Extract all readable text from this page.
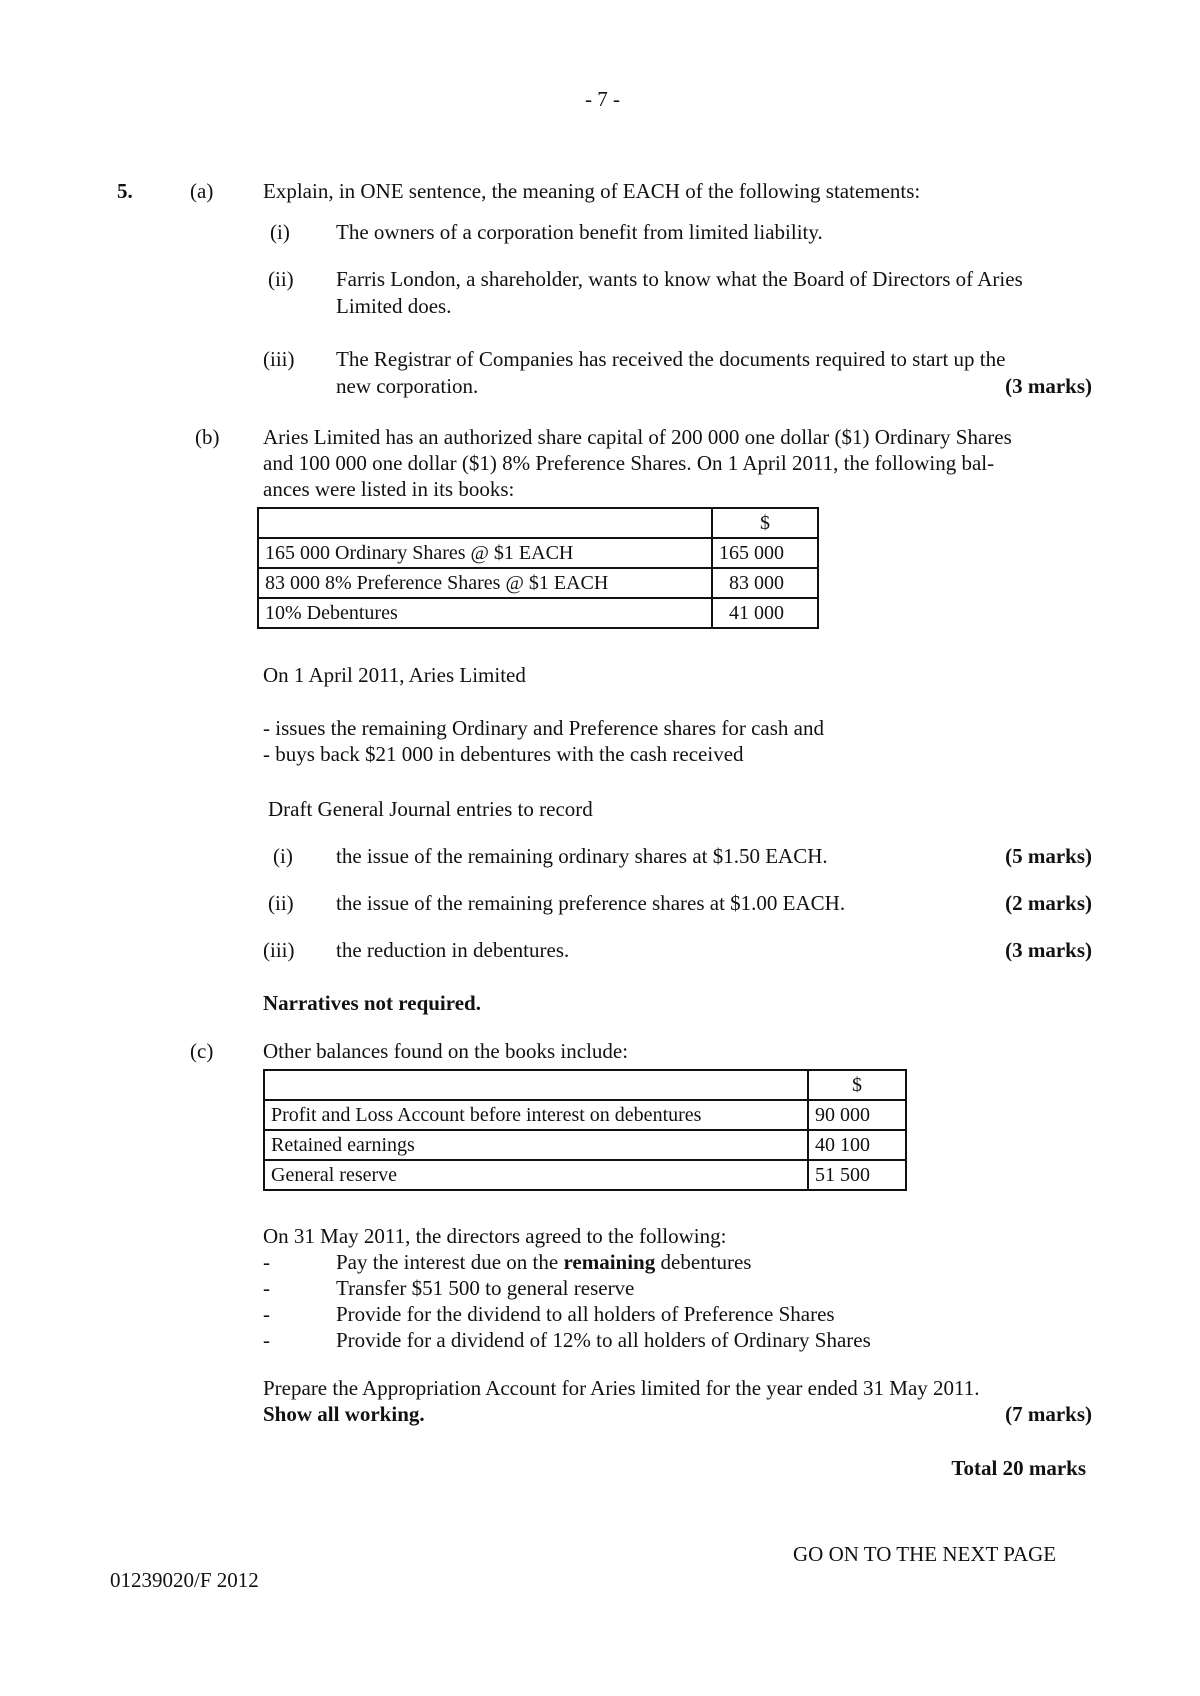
- 7 -
5.	(a) Explain, in ONE sentence, the meaning of EACH of the following statements:
(i) The owners of a corporation benefit from limited liability.
(ii) Farris London, a shareholder, wants to know what the Board of Directors of Aries
Limited does.
(iii) The Registrar of Companies has received the documents required to start up the
new corporation.	(3 marks)
(b) Aries Limited has an authorized share capital of 200 000 one dollar ($1) Ordinary Shares
and 100 000 one dollar ($1) 8% Preference Shares. On 1 April 2011, the following bal-
ances were listed in its books:
	$
165 000 Ordinary Shares @ $1 EACH	165 000
83 000 8% Preference Shares @ $1 EACH	83 000
10% Debentures	41 000
On 1 April 2011, Aries Limited
- issues the remaining Ordinary and Preference shares for cash and
- buys back $21 000 in debentures with the cash received
Draft General Journal entries to record
(i) the issue of the remaining ordinary shares at $1.50 EACH.	(5 marks)
(ii) the issue of the remaining preference shares at $1.00 EACH.	(2 marks)
(iii) the reduction in debentures.	(3 marks)
Narratives not required.
(c) Other balances found on the books include:
	$
Profit and Loss Account before interest on debentures	90 000
Retained earnings	40 100
General reserve	51 500
On 31 May 2011, the directors agreed to the following:
-	Pay the interest due on the remaining debentures
-	Transfer $51 500 to general reserve
-	Provide for the dividend to all holders of Preference Shares
-	Provide for a dividend of 12% to all holders of Ordinary Shares
Prepare the Appropriation Account for Aries limited for the year ended 31 May 2011.
Show all working.	(7 marks)
Total 20 marks
GO ON TO THE NEXT PAGE
01239020/F 2012
